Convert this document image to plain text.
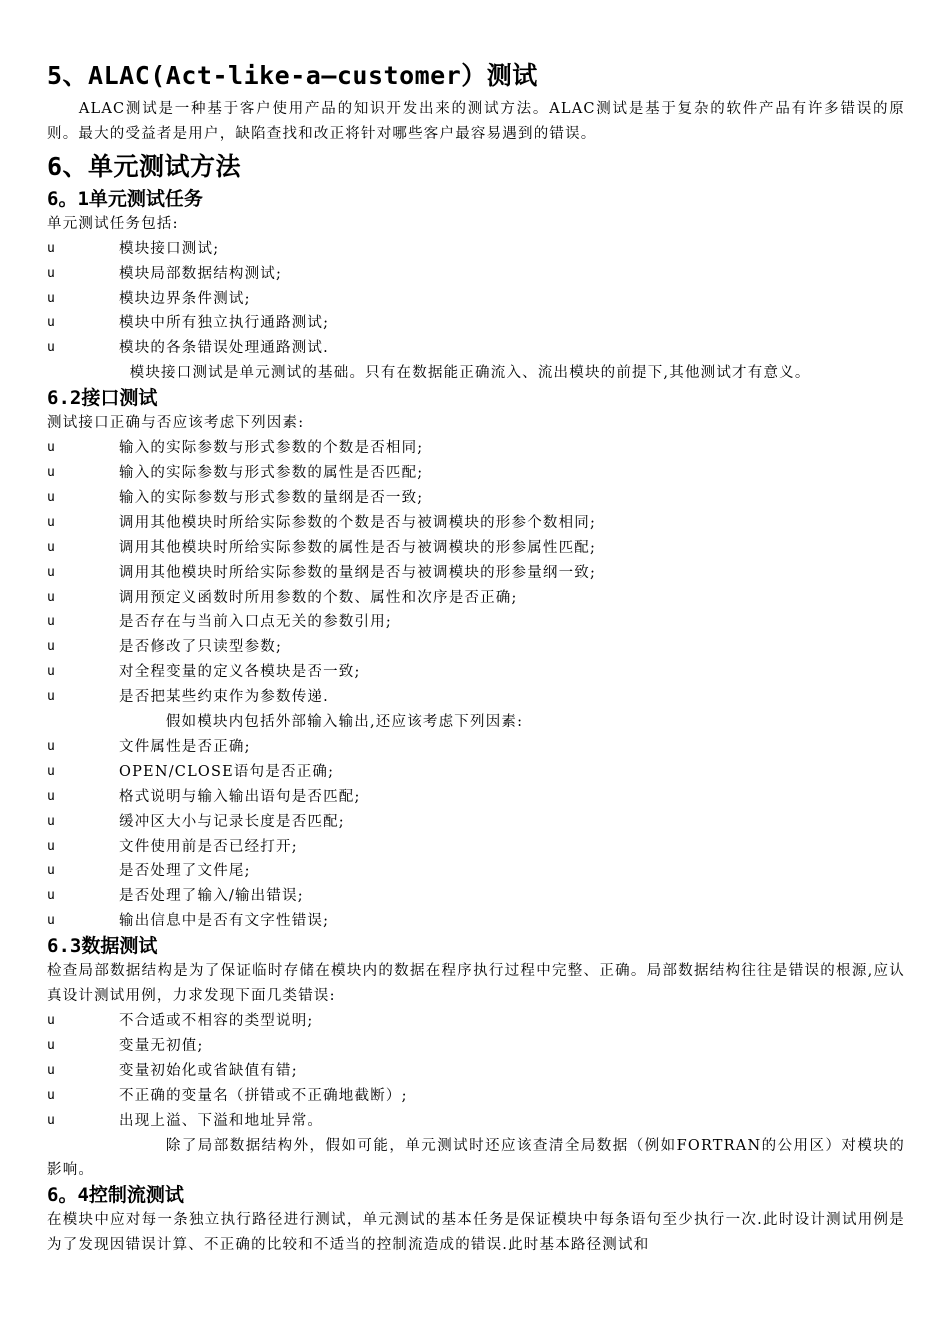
5、ALAC(Act-like-a—customer）测试

ALAC测试是一种基于客户使用产品的知识开发出来的测试方法。ALAC测试是基于复杂的软件产品有许多错误的原则。最大的受益者是用户，缺陷查找和改正将针对哪些客户最容易遇到的错误。

6、单元测试方法
6。1单元测试任务

单元测试任务包括:

u	模块接口测试;
u	模块局部数据结构测试;
u	模块边界条件测试;
u	模块中所有独立执行通路测试;
u	模块的各条错误处理通路测试.

模块接口测试是单元测试的基础。只有在数据能正确流入、流出模块的前提下,其他测试才有意义。

6.2接口测试

测试接口正确与否应该考虑下列因素:

u	输入的实际参数与形式参数的个数是否相同;
u	输入的实际参数与形式参数的属性是否匹配;
u	输入的实际参数与形式参数的量纲是否一致;
u	调用其他模块时所给实际参数的个数是否与被调模块的形参个数相同;
u	调用其他模块时所给实际参数的属性是否与被调模块的形参属性匹配;
u	调用其他模块时所给实际参数的量纲是否与被调模块的形参量纲一致;
u	调用预定义函数时所用参数的个数、属性和次序是否正确;
u	是否存在与当前入口点无关的参数引用;
u	是否修改了只读型参数;
u	对全程变量的定义各模块是否一致;
u	是否把某些约束作为参数传递.

假如模块内包括外部输入输出,还应该考虑下列因素:

u	文件属性是否正确;
u	OPEN/CLOSE语句是否正确;
u	格式说明与输入输出语句是否匹配;
u	缓冲区大小与记录长度是否匹配;
u	文件使用前是否已经打开;
u	是否处理了文件尾;
u	是否处理了输入/输出错误;
u	输出信息中是否有文字性错误;
6.3数据测试

检查局部数据结构是为了保证临时存储在模块内的数据在程序执行过程中完整、正确。局部数据结构往往是错误的根源,应认真设计测试用例，力求发现下面几类错误:

u	不合适或不相容的类型说明;
u	变量无初值;
u	变量初始化或省缺值有错;
u	不正确的变量名（拼错或不正确地截断）;
u	出现上溢、下溢和地址异常。

除了局部数据结构外，假如可能，单元测试时还应该查清全局数据（例如FORTRAN的公用区）对模块的影响。

6。4控制流测试

在模块中应对每一条独立执行路径进行测试，单元测试的基本任务是保证模块中每条语句至少执行一次.此时设计测试用例是为了发现因错误计算、不正确的比较和不适当的控制流造成的错误.此时基本路径测试和
